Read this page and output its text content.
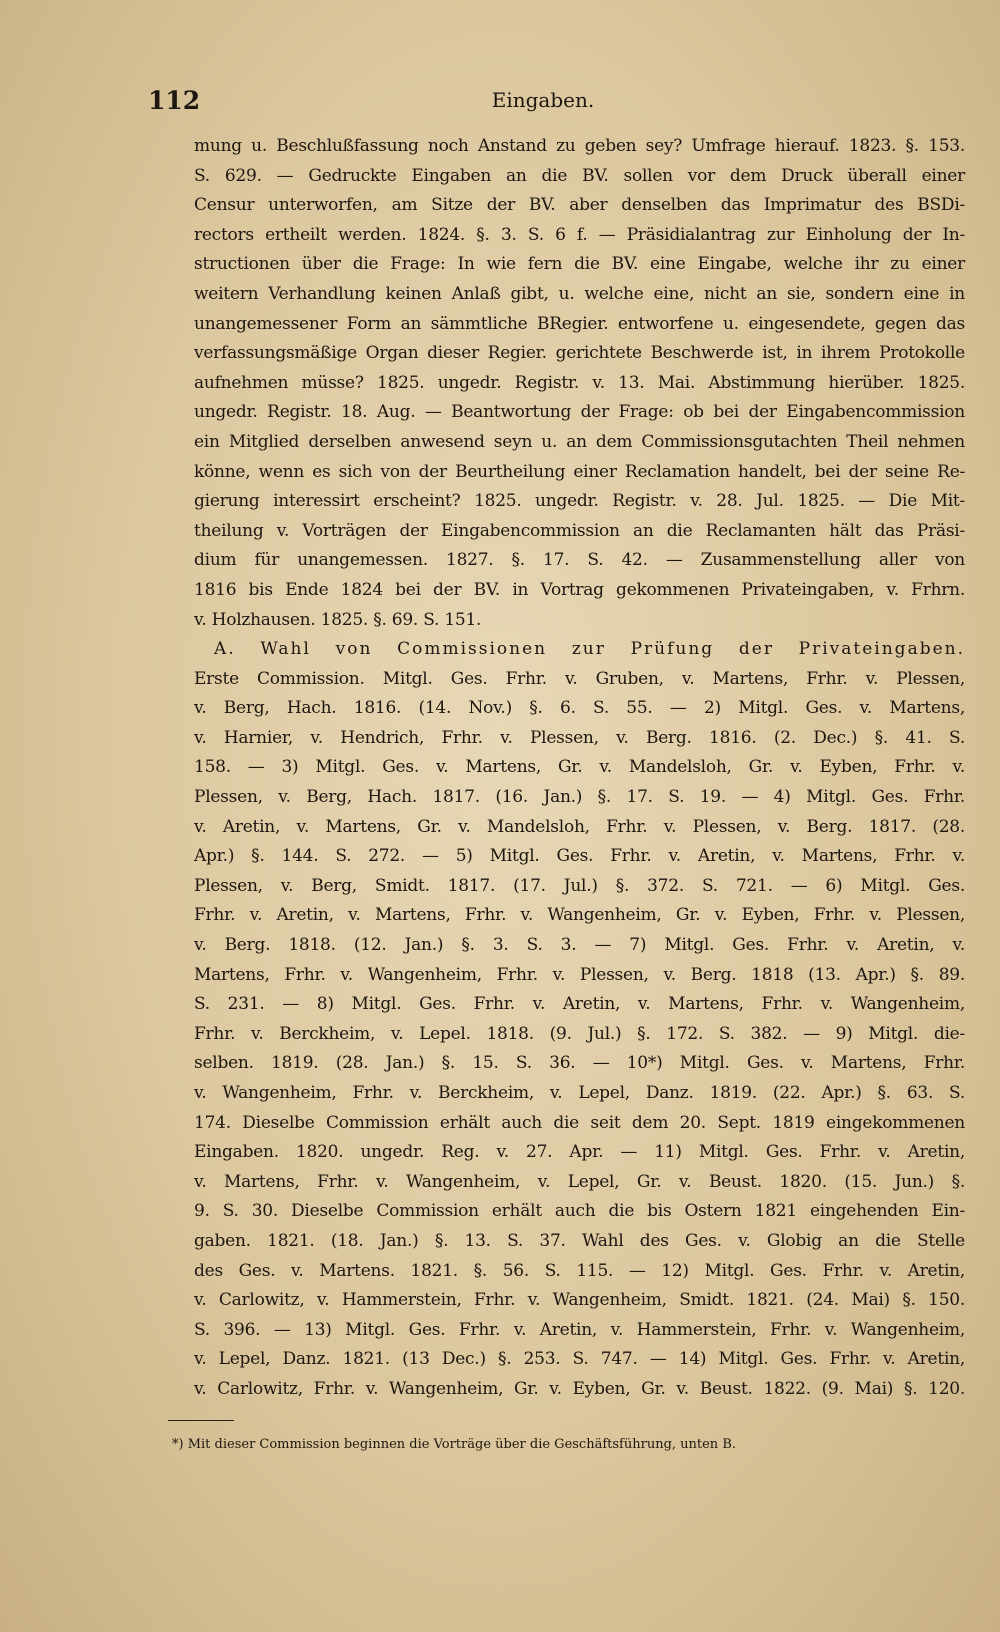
112	Eingaben.
mung u. Beschlußfassung noch Anstand zu geben sey? Umfrage hierauf. 1823. §. 153.
S. 629. — Gedruckte Eingaben an die BV. sollen vor dem Druck überall einer
Censur unterworfen, am Sitze der BV. aber denselben das Imprimatur des BSDi-
rectors ertheilt werden. 1824. §. 3. S. 6 f. — Präsidialantrag zur Einholung der In-
structionen über die Frage: In wie fern die BV. eine Eingabe, welche ihr zu einer
weitern Verhandlung keinen Anlaß gibt, u. welche eine, nicht an sie, sondern eine in
unangemessener Form an sämmtliche BRegier. entworfene u. eingesendete, gegen das
verfassungsmäßige Organ dieser Regier. gerichtete Beschwerde ist, in ihrem Protokolle
aufnehmen müsse? 1825. ungedr. Registr. v. 13. Mai. Abstimmung hierüber. 1825.
ungedr. Registr. 18. Aug. — Beantwortung der Frage: ob bei der Eingabencommission
ein Mitglied derselben anwesend seyn u. an dem Commissionsgutachten Theil nehmen
könne, wenn es sich von der Beurtheilung einer Reclamation handelt, bei der seine Re-
gierung interessirt erscheint? 1825. ungedr. Registr. v. 28. Jul. 1825. — Die Mit-
theilung v. Vorträgen der Eingabencommission an die Reclamanten hält das Präsi-
dium für unangemessen. 1827. §. 17. S. 42. — Zusammenstellung aller von
1816 bis Ende 1824 bei der BV. in Vortrag gekommenen Privateingaben, v. Frhrn.
v. Holzhausen. 1825. §. 69. S. 151.
A. Wahl von Commissionen zur Prüfung der Privateingaben.
Erste Commission. Mitgl. Ges. Frhr. v. Gruben, v. Martens, Frhr. v. Plessen,
v. Berg, Hach. 1816. (14. Nov.) §. 6. S. 55. — 2) Mitgl. Ges. v. Martens,
v. Harnier, v. Hendrich, Frhr. v. Plessen, v. Berg. 1816. (2. Dec.) §. 41. S.
158. — 3) Mitgl. Ges. v. Martens, Gr. v. Mandelsloh, Gr. v. Eyben, Frhr. v.
Plessen, v. Berg, Hach. 1817. (16. Jan.) §. 17. S. 19. — 4) Mitgl. Ges. Frhr.
v. Aretin, v. Martens, Gr. v. Mandelsloh, Frhr. v. Plessen, v. Berg. 1817. (28.
Apr.) §. 144. S. 272. — 5) Mitgl. Ges. Frhr. v. Aretin, v. Martens, Frhr. v.
Plessen, v. Berg, Smidt. 1817. (17. Jul.) §. 372. S. 721. — 6) Mitgl. Ges.
Frhr. v. Aretin, v. Martens, Frhr. v. Wangenheim, Gr. v. Eyben, Frhr. v. Plessen,
v. Berg. 1818. (12. Jan.) §. 3. S. 3. — 7) Mitgl. Ges. Frhr. v. Aretin, v.
Martens, Frhr. v. Wangenheim, Frhr. v. Plessen, v. Berg. 1818 (13. Apr.) §. 89.
S. 231. — 8) Mitgl. Ges. Frhr. v. Aretin, v. Martens, Frhr. v. Wangenheim,
Frhr. v. Berckheim, v. Lepel. 1818. (9. Jul.) §. 172. S. 382. — 9) Mitgl. die-
selben. 1819. (28. Jan.) §. 15. S. 36. — 10*) Mitgl. Ges. v. Martens, Frhr.
v. Wangenheim, Frhr. v. Berckheim, v. Lepel, Danz. 1819. (22. Apr.) §. 63. S.
174. Dieselbe Commission erhält auch die seit dem 20. Sept. 1819 eingekommenen
Eingaben. 1820. ungedr. Reg. v. 27. Apr. — 11) Mitgl. Ges. Frhr. v. Aretin,
v. Martens, Frhr. v. Wangenheim, v. Lepel, Gr. v. Beust. 1820. (15. Jun.) §.
9. S. 30. Dieselbe Commission erhält auch die bis Ostern 1821 eingehenden Ein-
gaben. 1821. (18. Jan.) §. 13. S. 37. Wahl des Ges. v. Globig an die Stelle
des Ges. v. Martens. 1821. §. 56. S. 115. — 12) Mitgl. Ges. Frhr. v. Aretin,
v. Carlowitz, v. Hammerstein, Frhr. v. Wangenheim, Smidt. 1821. (24. Mai) §. 150.
S. 396. — 13) Mitgl. Ges. Frhr. v. Aretin, v. Hammerstein, Frhr. v. Wangenheim,
v. Lepel, Danz. 1821. (13 Dec.) §. 253. S. 747. — 14) Mitgl. Ges. Frhr. v. Aretin,
v. Carlowitz, Frhr. v. Wangenheim, Gr. v. Eyben, Gr. v. Beust. 1822. (9. Mai) §. 120.
*) Mit dieser Commission beginnen die Vorträge über die Geschäftsführung, unten B.
